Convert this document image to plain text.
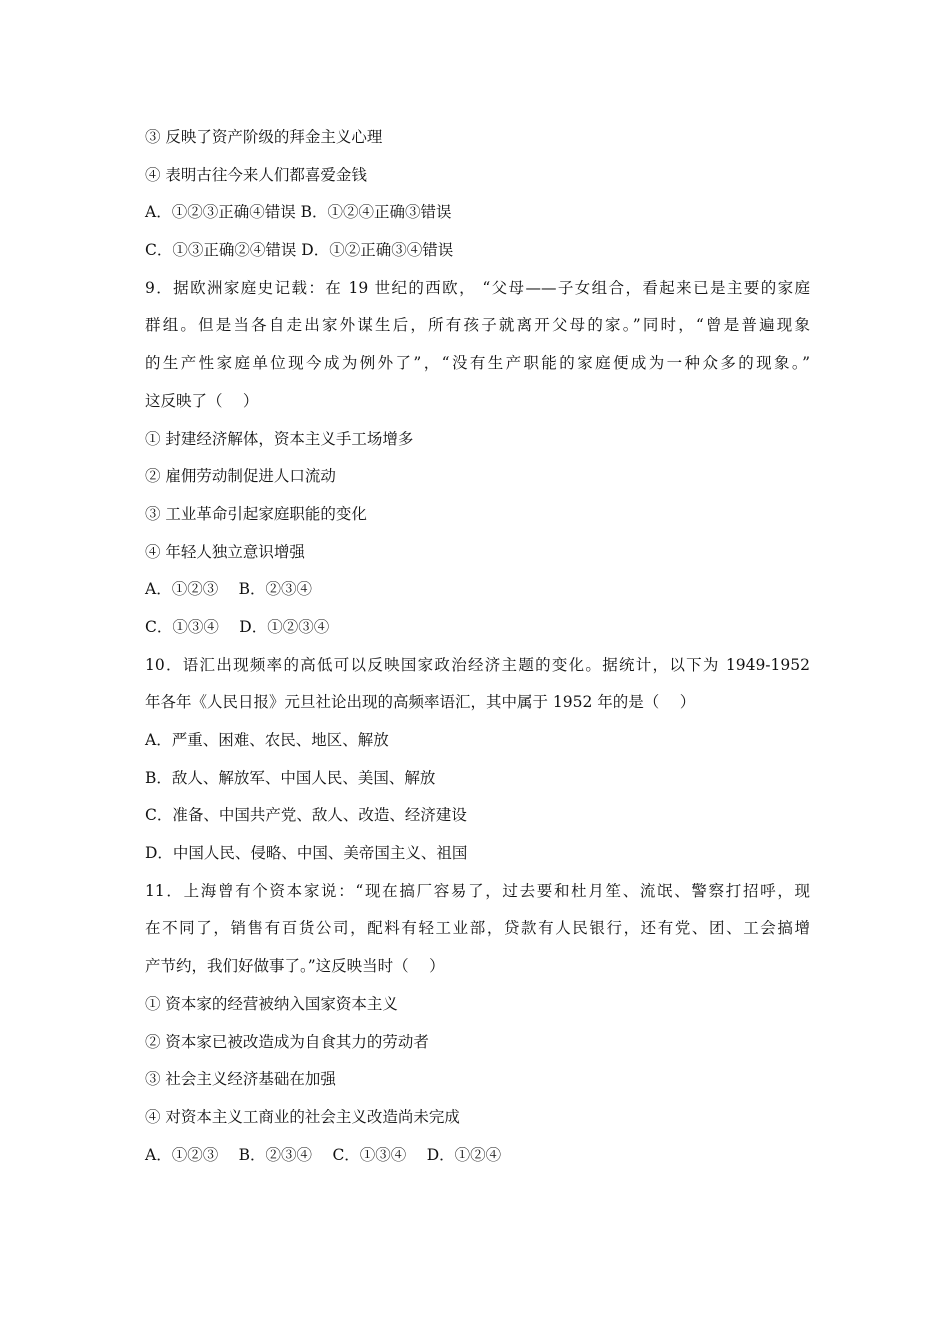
③ 反映了资产阶级的拜金主义心理
④ 表明古往今来人们都喜爱金钱
A．①②③正确④错误 B．①②④正确③错误
C．①③正确②④错误 D．①②正确③④错误
9．据欧洲家庭史记载：在 19 世纪的西欧， “父母——子女组合，看起来已是主要的家庭
群组。但是当各自走出家外谋生后，所有孩子就离开父母的家。”同时，“曾是普遍现象
的生产性家庭单位现今成为例外了”，“没有生产职能的家庭便成为一种众多的现象。”
这反映了（　 ）
① 封建经济解体，资本主义手工场增多
② 雇佣劳动制促进人口流动
③ 工业革命引起家庭职能的变化
④ 年轻人独立意识增强
A．①②③　 B．②③④
C．①③④　 D．①②③④
10．语汇出现频率的高低可以反映国家政治经济主题的变化。据统计，以下为 1949-1952
年各年《人民日报》元旦社论出现的高频率语汇，其中属于 1952 年的是（　 ）
A．严重、困难、农民、地区、解放
B．敌人、解放军、中国人民、美国、解放
C．准备、中国共产党、敌人、改造、经济建设
D．中国人民、侵略、中国、美帝国主义、祖国
11．上海曾有个资本家说：“现在搞厂容易了，过去要和杜月笙、流氓、警察打招呼，现
在不同了，销售有百货公司，配料有轻工业部，贷款有人民银行，还有党、团、工会搞增
产节约，我们好做事了。”这反映当时（　 ）
① 资本家的经营被纳入国家资本主义
② 资本家已被改造成为自食其力的劳动者
③ 社会主义经济基础在加强
④ 对资本主义工商业的社会主义改造尚未完成
A．①②③　 B．②③④　 C．①③④　 D．①②④
